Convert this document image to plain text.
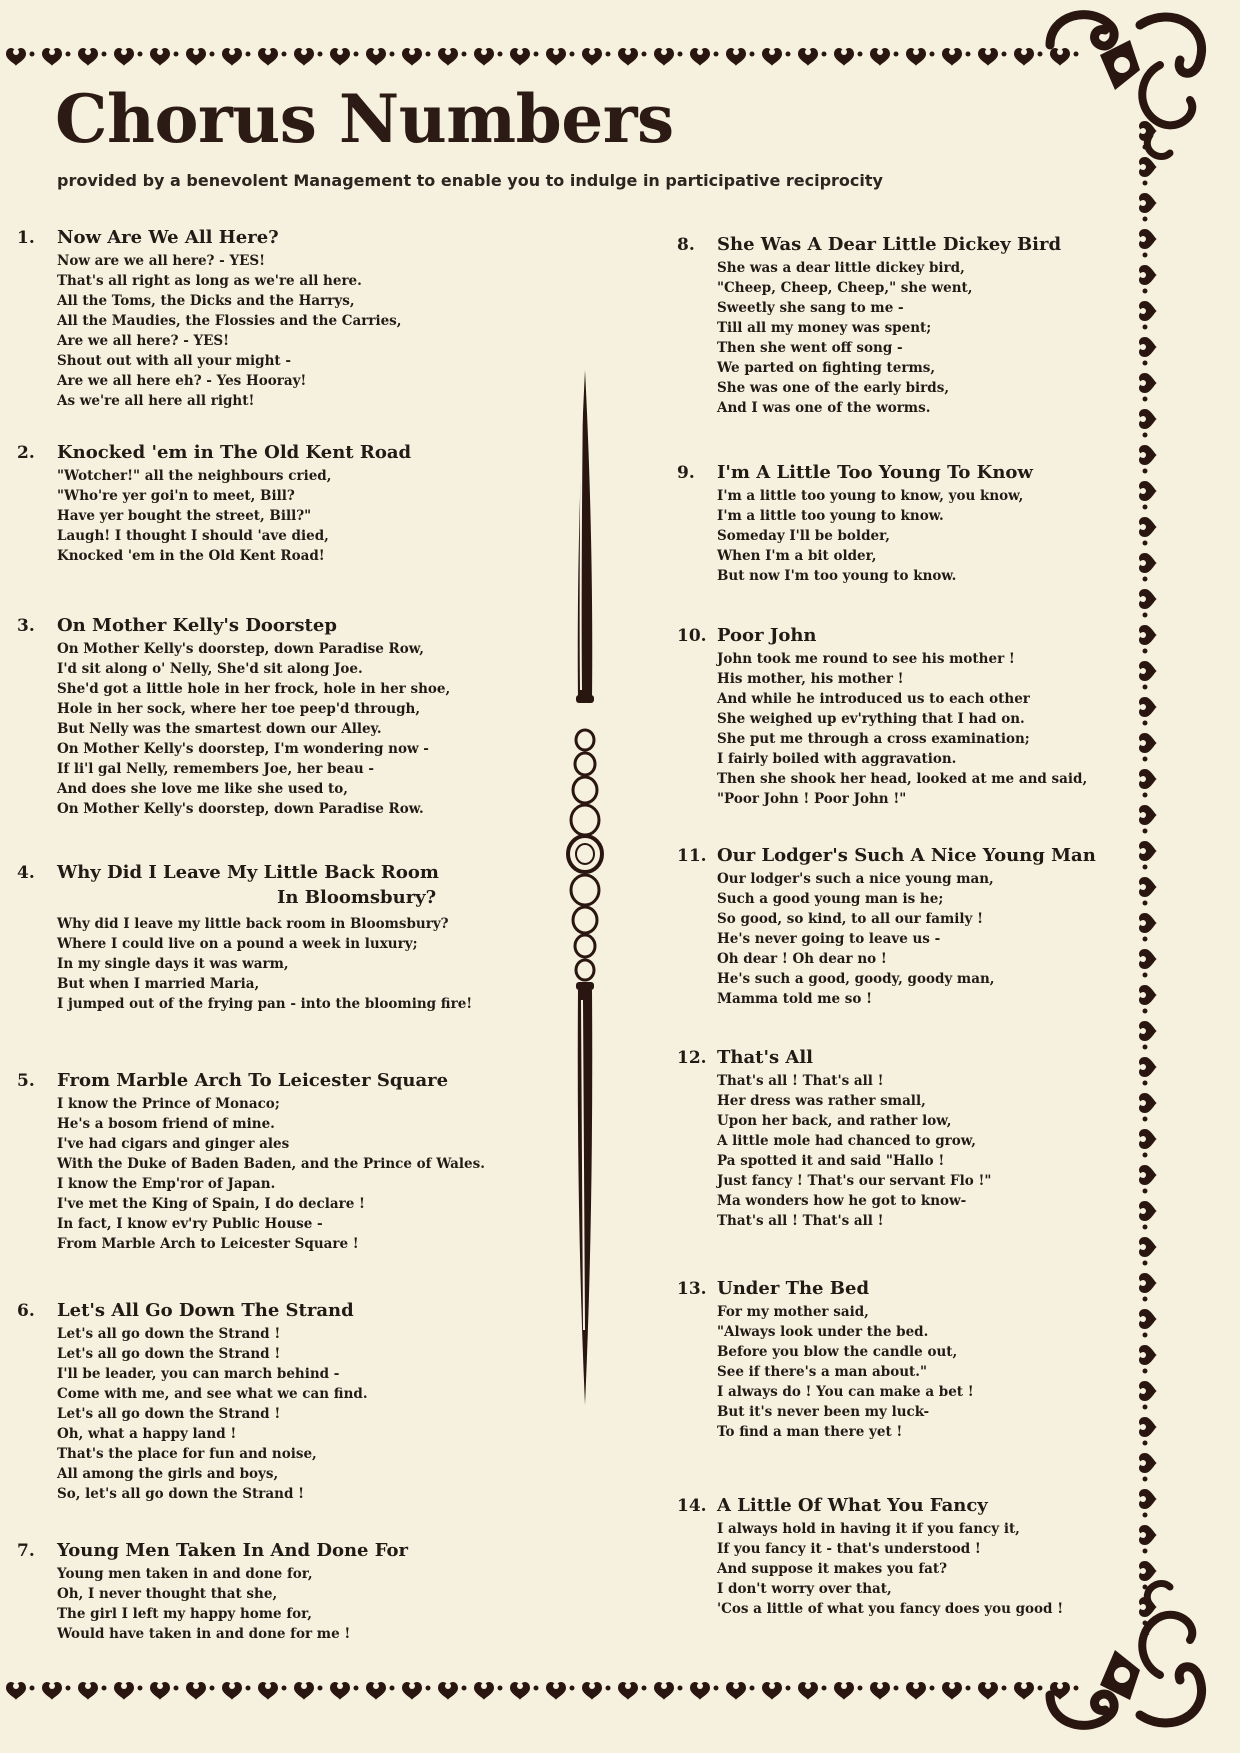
Chorus Numbers

provided by a benevolent Management to enable you to indulge in participative reciprocity

1. Now Are We All Here?
Now are we all here? - YES!
That's all right as long as we're all here.
All the Toms, the Dicks and the Harrys,
All the Maudies, the Flossies and the Carries,
Are we all here? - YES!
Shout out with all your might -
Are we all here eh? - Yes Hooray!
As we're all here all right!
2. Knocked 'em in The Old Kent Road
"Wotcher!" all the neighbours cried,
"Who're yer goi'n to meet, Bill?
Have yer bought the street, Bill?"
Laugh! I thought I should 'ave died,
Knocked 'em in the Old Kent Road!
3. On Mother Kelly's Doorstep
On Mother Kelly's doorstep, down Paradise Row,
I'd sit along o' Nelly, She'd sit along Joe.
She'd got a little hole in her frock, hole in her shoe,
Hole in her sock, where her toe peep'd through,
But Nelly was the smartest down our Alley.
On Mother Kelly's doorstep, I'm wondering now -
If li'l gal Nelly, remembers Joe, her beau -
And does she love me like she used to,
On Mother Kelly's doorstep, down Paradise Row.
4. Why Did I Leave My Little Back Room
In Bloomsbury?
Why did I leave my little back room in Bloomsbury?
Where I could live on a pound a week in luxury;
In my single days it was warm,
But when I married Maria,
I jumped out of the frying pan - into the blooming fire!
5. From Marble Arch To Leicester Square
I know the Prince of Monaco;
He's a bosom friend of mine.
I've had cigars and ginger ales
With the Duke of Baden Baden, and the Prince of Wales.
I know the Emp'ror of Japan.
I've met the King of Spain, I do declare !
In fact, I know ev'ry Public House -
From Marble Arch to Leicester Square !
6. Let's All Go Down The Strand
Let's all go down the Strand !
Let's all go down the Strand !
I'll be leader, you can march behind -
Come with me, and see what we can find.
Let's all go down the Strand !
Oh, what a happy land !
That's the place for fun and noise,
All among the girls and boys,
So, let's all go down the Strand !
7. Young Men Taken In And Done For
Young men taken in and done for,
Oh, I never thought that she,
The girl I left my happy home for,
Would have taken in and done for me !
8. She Was A Dear Little Dickey Bird
She was a dear little dickey bird,
"Cheep, Cheep, Cheep," she went,
Sweetly she sang to me -
Till all my money was spent;
Then she went off song -
We parted on fighting terms,
She was one of the early birds,
And I was one of the worms.
9. I'm A Little Too Young To Know
I'm a little too young to know, you know,
I'm a little too young to know.
Someday I'll be bolder,
When I'm a bit older,
But now I'm too young to know.
10. Poor John
John took me round to see his mother !
His mother, his mother !
And while he introduced us to each other
She weighed up ev'rything that I had on.
She put me through a cross examination;
I fairly boiled with aggravation.
Then she shook her head, looked at me and said,
"Poor John ! Poor John !"
11. Our Lodger's Such A Nice Young Man
Our lodger's such a nice young man,
Such a good young man is he;
So good, so kind, to all our family !
He's never going to leave us -
Oh dear ! Oh dear no !
He's such a good, goody, goody man,
Mamma told me so !
12. That's All
That's all ! That's all !
Her dress was rather small,
Upon her back, and rather low,
A little mole had chanced to grow,
Pa spotted it and said "Hallo !
Just fancy ! That's our servant Flo !"
Ma wonders how he got to know-
That's all ! That's all !
13. Under The Bed
For my mother said,
"Always look under the bed.
Before you blow the candle out,
See if there's a man about."
I always do ! You can make a bet !
But it's never been my luck-
To find a man there yet !
14. A Little Of What You Fancy
I always hold in having it if you fancy it,
If you fancy it - that's understood !
And suppose it makes you fat?
I don't worry over that,
'Cos a little of what you fancy does you good !
